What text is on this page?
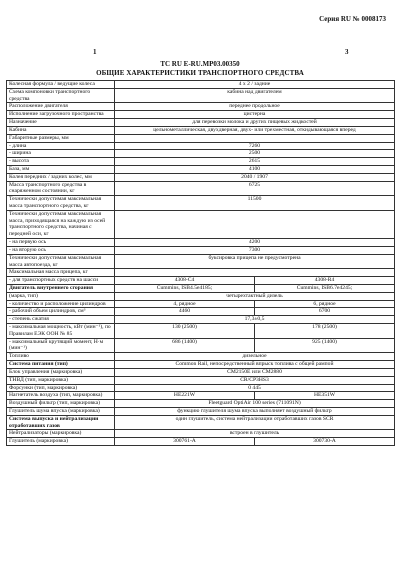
Серия RU № 0008173
1	3
TC RU E-RU.MP03.00350
ОБЩИЕ ХАРАКТЕРИСТИКИ ТРАНСПОРТНОГО СРЕДСТВА
Колесная формула / ведущие колеса	4 x 2 / задние	
Схема компоновки транспортного средства	кабина над двигателем	
Расположение двигателя	переднее продольное	
Исполнение загрузочного пространства	цистерна	
Назначение	для перевозки молока и других пищевых жидкостей	
Кабина	цельнометаллическая, двухдверная, двух- или трехместная, откидывающаяся вперед	
Габаритные размеры, мм		
- длина	7260	
- ширина	2500	
- высота	2615	
База, мм	4100	
Колея передних / задних колес, мм	2040 / 1907	
Масса транспортного средства в снаряженном состоянии, кг	6725	
Технически допустимая максимальная масса транспортного средства, кг	11500	
Технически допустимая максимальная масса, приходящаяся на каждую из осей транспортного средства, начиная с передней оси, кг		
- на первую ось	4200	
- на вторую ось	7300	
Технически допустимая максимальная масса автопоезда, кг	буксировка прицепа не предусмотрена	
Максимальная масса прицепа, кг		
- для транспортных средств на шасси	4308-С4	4308-R4
Двигатель внутреннего сгорания	Cummins, ISB4.5e4185;	Cummins, ISB6.7e4245;
(марка, тип)	четырехтактный дизель	
- количество и расположение цилиндров	4, рядное	6, рядное
- рабочий объем цилиндров, см³	4460	6700
- степень сжатия	17,3±0,5	
- максимальная мощность, кВт (мин⁻¹), по Правилам ЕЭК ООН № 85	130 (2500)	178 (2500)
- максимальный крутящий момент, Н·м (мин⁻¹)	686 (1400)	925 (1400)
Топливо	дизельное	
Система питания (тип)	Common Rail, непосредственный впрыск топлива с общей рампой	
Блок управления (маркировка)	CM2150E или CM2880	
ТНВД (тип, маркировка)	CR/CP3HS3	
Форсунки (тип, маркировка)	0 445	
Нагнетатель воздуха (тип, маркировка)	HE221W	HE351W
Воздушный фильтр (тип, маркировка)	Fleetguard OptiAir 100 series (711091N)	
Глушитель шума впуска (маркировка)	функцию глушителя шума впуска выполняет воздушный фильтр	
Система выпуска и нейтрализации отработавших газов	один глушитель, система нейтрализации отработавших газов SCR	
Нейтрализаторы (маркировка)	встроен в глушитель	
Глушитель (маркировка)	300761-A	300730-A
